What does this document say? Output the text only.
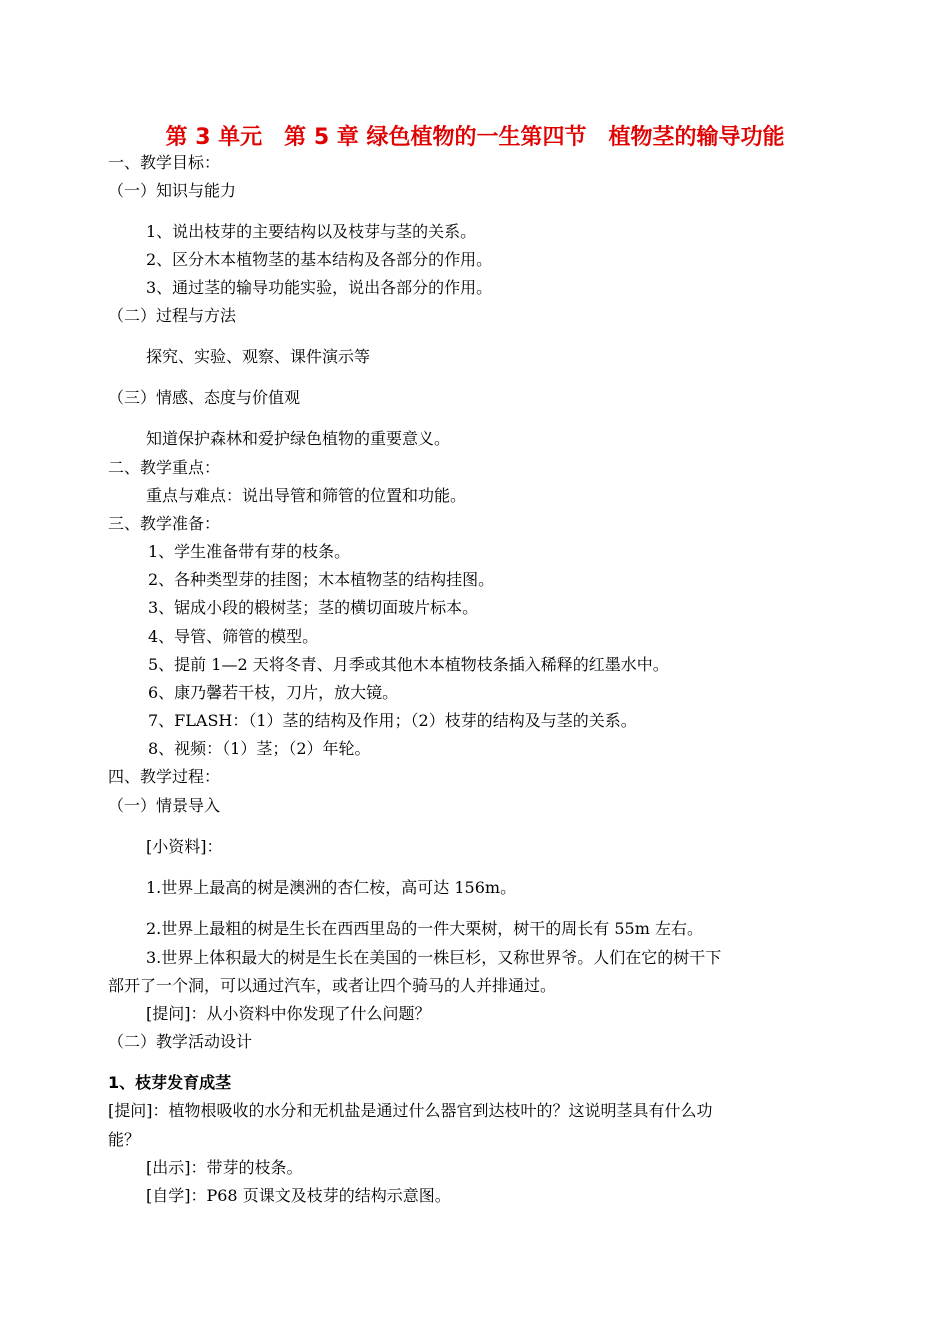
第 3 单元　第 5 章 绿色植物的一生第四节　植物茎的输导功能
一、教学目标：
（一）知识与能力
1、说出枝芽的主要结构以及枝芽与茎的关系。
2、区分木本植物茎的基本结构及各部分的作用。
3、通过茎的输导功能实验，说出各部分的作用。
（二）过程与方法
探究、实验、观察、课件演示等
（三）情感、态度与价值观
知道保护森林和爱护绿色植物的重要意义。
二、教学重点：
重点与难点：说出导管和筛管的位置和功能。
三、教学准备：
1、学生准备带有芽的枝条。
2、各种类型芽的挂图；木本植物茎的结构挂图。
3、锯成小段的椴树茎；茎的横切面玻片标本。
4、导管、筛管的模型。
5、提前 1—2 天将冬青、月季或其他木本植物枝条插入稀释的红墨水中。
6、康乃馨若干枝，刀片，放大镜。
7、FLASH：（1）茎的结构及作用；（2）枝芽的结构及与茎的关系。
8、视频：（1）茎；（2）年轮。
四、教学过程：
（一）情景导入
[小资料]：
1.世界上最高的树是澳洲的杏仁桉，高可达 156m。
2.世界上最粗的树是生长在西西里岛的一件大栗树，树干的周长有 55m 左右。
3.世界上体积最大的树是生长在美国的一株巨杉，又称世界爷。人们在它的树干下
部开了一个洞，可以通过汽车，或者让四个骑马的人并排通过。
[提问]：从小资料中你发现了什么问题？
（二）教学活动设计
1、枝芽发育成茎
[提问]：植物根吸收的水分和无机盐是通过什么器官到达枝叶的？这说明茎具有什么功
能？
[出示]：带芽的枝条。
[自学]：P68 页课文及枝芽的结构示意图。
